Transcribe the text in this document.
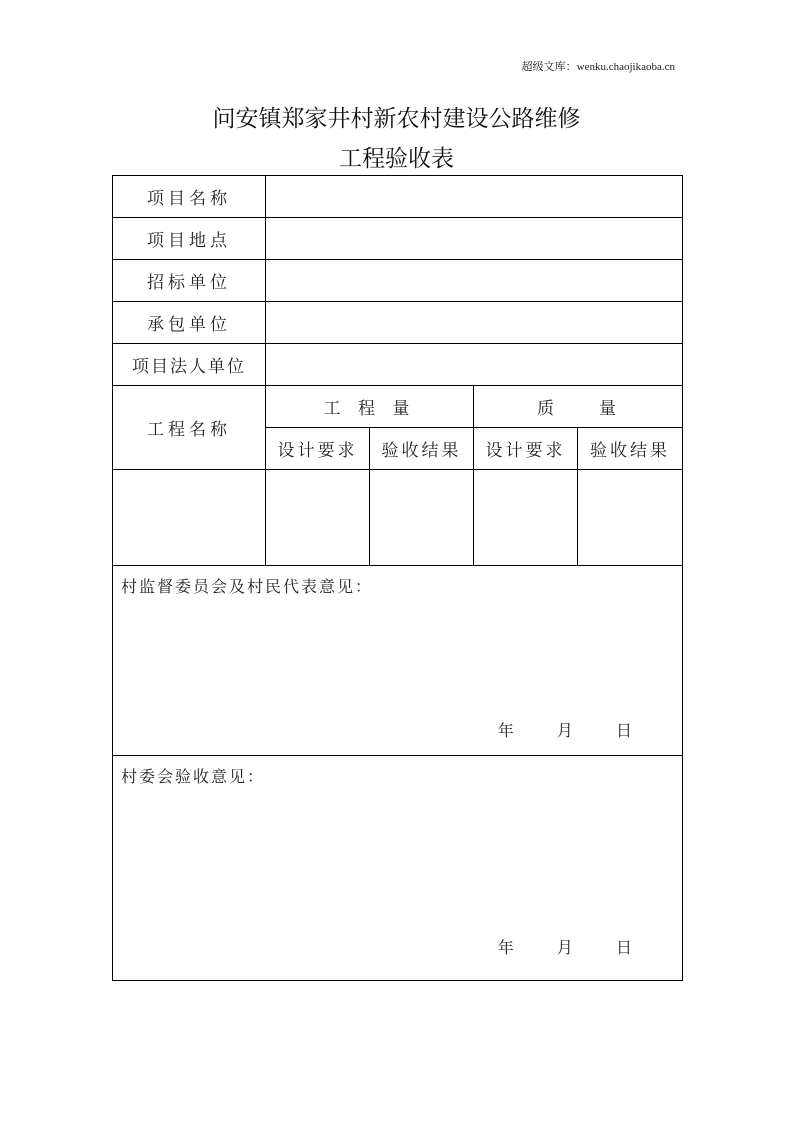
超级文库：wenku.chaojikaoba.cn
问安镇郑家井村新农村建设公路维修
工程验收表
项目名称				
项目地点				
招标单位				
承包单位				
项目法人单位				
工程名称	工 程 量		质     量	
	设计要求	验收结果	设计要求	验收结果

村监督委员会及村民代表意见：
年 月 日				

村委会验收意见：
年 月 日				
